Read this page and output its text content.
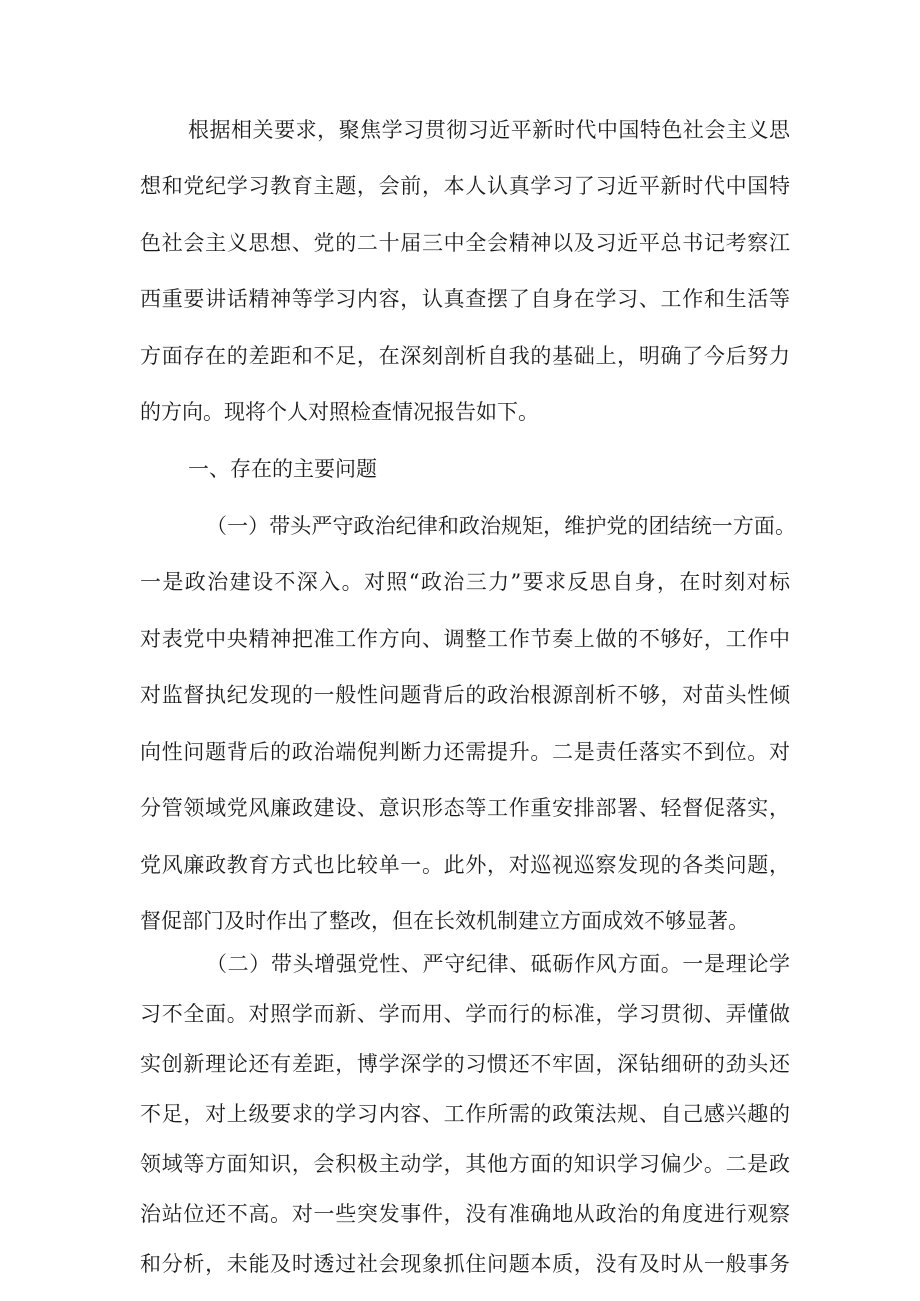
根据相关要求，聚焦学习贯彻习近平新时代中国特色社会主义思
想和党纪学习教育主题，会前，本人认真学习了习近平新时代中国特
色社会主义思想、党的二十届三中全会精神以及习近平总书记考察江
西重要讲话精神等学习内容，认真查摆了自身在学习、工作和生活等
方面存在的差距和不足，在深刻剖析自我的基础上，明确了今后努力
的方向。现将个人对照检查情况报告如下。
一、存在的主要问题
（一）带头严守政治纪律和政治规矩，维护党的团结统一方面。
一是政治建设不深入。对照“政治三力”要求反思自身，在时刻对标
对表党中央精神把准工作方向、调整工作节奏上做的不够好，工作中
对监督执纪发现的一般性问题背后的政治根源剖析不够，对苗头性倾
向性问题背后的政治端倪判断力还需提升。二是责任落实不到位。对
分管领域党风廉政建设、意识形态等工作重安排部署、轻督促落实，
党风廉政教育方式也比较单一。此外，对巡视巡察发现的各类问题，
督促部门及时作出了整改，但在长效机制建立方面成效不够显著。
（二）带头增强党性、严守纪律、砥砺作风方面。一是理论学
习不全面。对照学而新、学而用、学而行的标准，学习贯彻、弄懂做
实创新理论还有差距，博学深学的习惯还不牢固，深钻细研的劲头还
不足，对上级要求的学习内容、工作所需的政策法规、自己感兴趣的
领域等方面知识，会积极主动学，其他方面的知识学习偏少。二是政
治站位还不高。对一些突发事件，没有准确地从政治的角度进行观察
和分析，未能及时透过社会现象抓住问题本质，没有及时从一般事务
